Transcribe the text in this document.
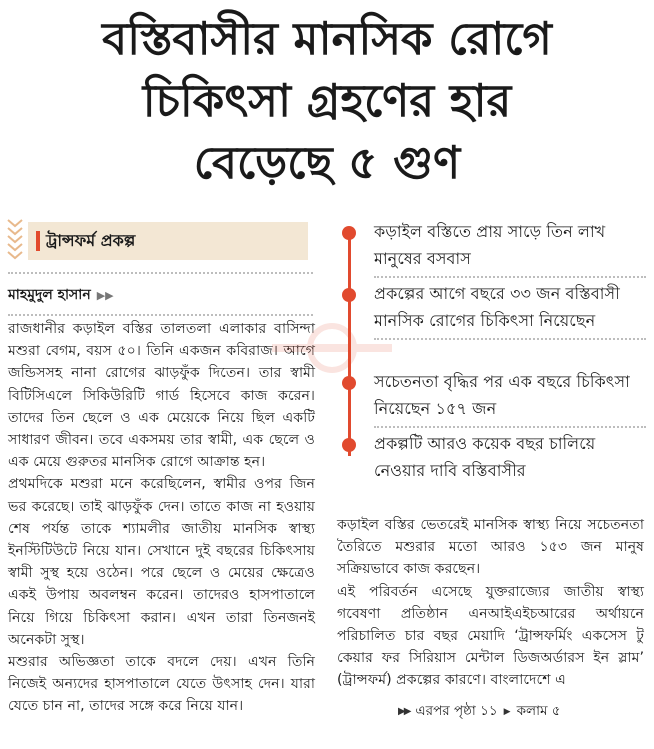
বস্তিবাসীর মানসিক রোগে
চিকিৎসা গ্রহণের হার
বেড়েছে ৫ গুণ
ট্রান্সফর্ম প্রকল্প
মাহমুদুল হাসান ▶▶

রাজধানীর কড়াইল বস্তির তালতলা এলাকার বাসিন্দা মশুরা বেগম, বয়স ৫০। তিনি একজন কবিরাজ। আগে জন্ডিসসহ নানা রোগের ঝাড়ফুঁক দিতেন। তার স্বামী বিটিসিএলে সিকিউরিটি গার্ড হিসেবে কাজ করেন। তাদের তিন ছেলে ও এক মেয়েকে নিয়ে ছিল একটি সাধারণ জীবন। তবে একসময় তার স্বামী, এক ছেলে ও এক মেয়ে গুরুতর মানসিক রোগে আক্রান্ত হন।

প্রথমদিকে মশুরা মনে করেছিলেন, স্বামীর ওপর জিন ভর করেছে। তাই ঝাড়ফুঁক দেন। তাতে কাজ না হওয়ায় শেষ পর্যন্ত তাকে শ্যামলীর জাতীয় মানসিক স্বাস্থ্য ইনস্টিটিউটে নিয়ে যান। সেখানে দুই বছরের চিকিৎসায় স্বামী সুস্থ হয়ে ওঠেন। পরে ছেলে ও মেয়ের ক্ষেত্রেও একই উপায় অবলম্বন করেন। তাদেরও হাসপাতালে নিয়ে গিয়ে চিকিৎসা করান। এখন তারা তিনজনই অনেকটা সুস্থ।

মশুরার অভিজ্ঞতা তাকে বদলে দেয়। এখন তিনি নিজেই অন্যদের হাসপাতালে যেতে উৎসাহ দেন। যারা যেতে চান না, তাদের সঙ্গে করে নিয়ে যান।

কড়াইল বস্তিতে প্রায় সাড়ে তিন লাখ মানুষের বসবাস
প্রকল্পের আগে বছরে ৩৩ জন বস্তিবাসী মানসিক রোগের চিকিৎসা নিয়েছেন
সচেতনতা বৃদ্ধির পর এক বছরে চিকিৎসা নিয়েছেন ১৫৭ জন
প্রকল্পটি আরও কয়েক বছর চালিয়ে নেওয়ার দাবি বস্তিবাসীর

কড়াইল বস্তির ভেতরেই মানসিক স্বাস্থ্য নিয়ে সচেতনতা তৈরিতে মশুরার মতো আরও ১৫৩ জন মানুষ সক্রিয়ভাবে কাজ করছেন।

এই পরিবর্তন এসেছে যুক্তরাজ্যের জাতীয় স্বাস্থ্য গবেষণা প্রতিষ্ঠান এনআইএইচআরের অর্থায়নে পরিচালিত চার বছর মেয়াদি ‘ট্রান্সফর্মিং একসেস টু কেয়ার ফর সিরিয়াস মেন্টাল ডিজঅর্ডারস ইন স্লাম’ (ট্রান্সফর্ম) প্রকল্পের কারণে। বাংলাদেশে এ

▶▶ এরপর পৃষ্ঠা ১১ ▶ কলাম ৫
